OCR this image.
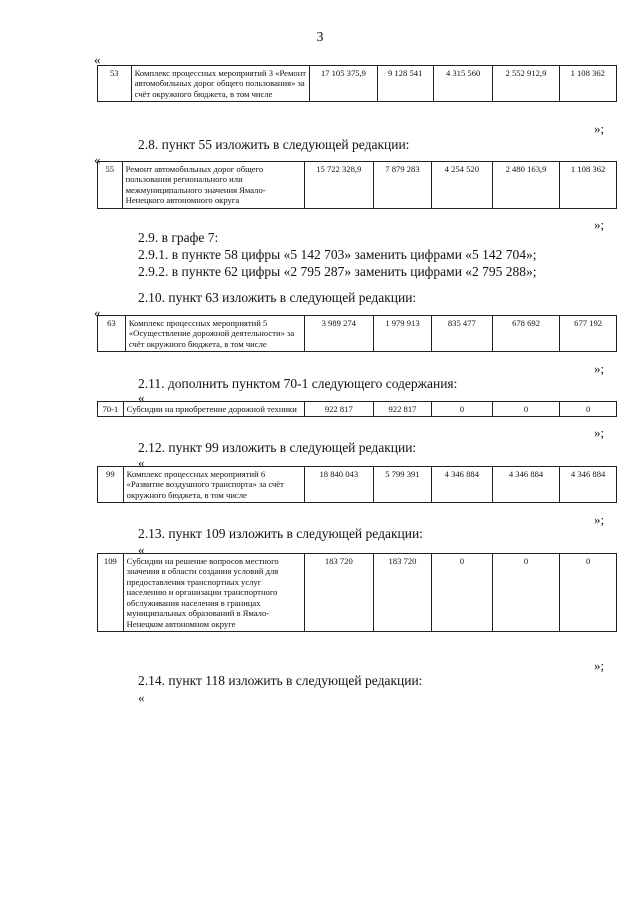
3
«
53	Комплекс процессных мероприятий 3 «Ремонт автомобильных дорог общего пользования» за счёт окружного бюджета, в том числе	17 105 375,9	9 128 541	4 315 560	2 552 912,9	1 108 362
»;
2.8. пункт 55 изложить в следующей редакции:
«
55	Ремонт автомобильных дорог общего пользования регионального или межмуниципального значения Ямало-Ненецкого автономного округа	15 722 328,9	7 879 283	4 254 520	2 480 163,9	1 108 362
»;
2.9. в графе 7:
2.9.1. в пункте 58 цифры «5 142 703» заменить цифрами «5 142 704»;
2.9.2. в пункте 62 цифры «2 795 287» заменить цифрами «2 795 288»;
2.10. пункт 63 изложить в следующей редакции:
«
63	Комплекс процессных мероприятий 5 «Осуществление дорожной деятельности» за счёт окружного бюджета, в том числе	3 989 274	1 979 913	835 477	678 692	677 192
»;
2.11. дополнить пунктом 70-1 следующего содержания:
«
70-1	Субсидии на приобретение дорожной техники	922 817	922 817	0	0	0
»;
2.12. пункт 99 изложить в следующей редакции:
«
99	Комплекс процессных мероприятий 6 «Развитие воздушного транспорта» за счёт окружного бюджета, в том числе	18 840 043	5 799 391	4 346 884	4 346 884	4 346 884
»;
2.13. пункт 109 изложить в следующей редакции:
«
109	Субсидии на решение вопросов местного значения в области создания условий для предоставления транспортных услуг населению и организации транспортного обслуживания населения в границах муниципальных образований в Ямало-Ненецком автономном округе	183 720	183 720	0	0	0
»;
2.14. пункт 118 изложить в следующей редакции:
«
